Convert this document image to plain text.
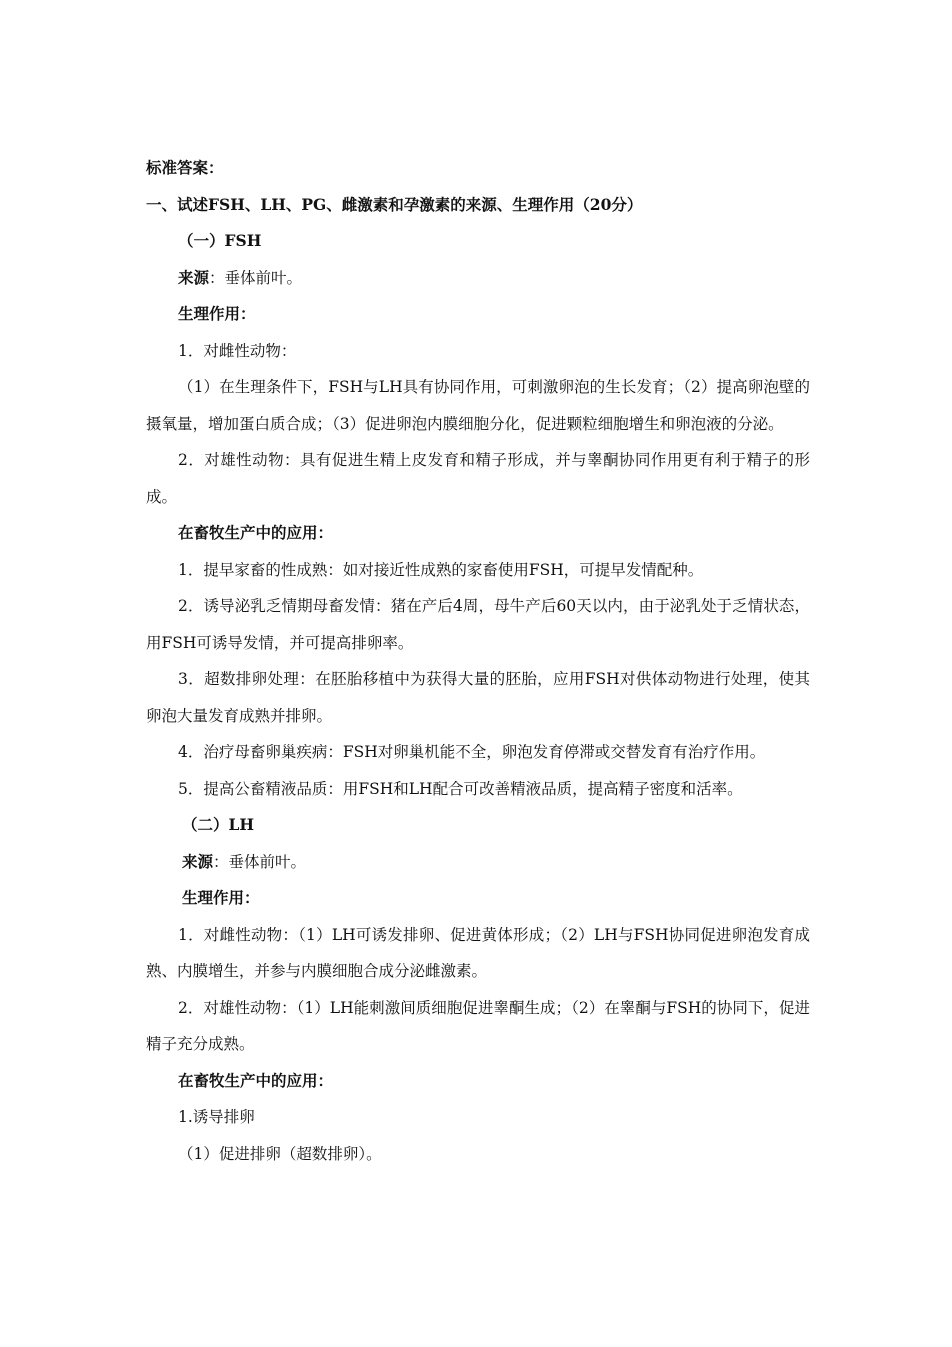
标准答案：

一、试述FSH、LH、PG、雌激素和孕激素的来源、生理作用（20分）

（一）FSH

来源：垂体前叶。

生理作用：

1．对雌性动物：

（1）在生理条件下，FSH与LH具有协同作用，可刺激卵泡的生长发育；（2）提高卵泡壁的摄氧量，增加蛋白质合成；（3）促进卵泡内膜细胞分化，促进颗粒细胞增生和卵泡液的分泌。

2．对雄性动物：具有促进生精上皮发育和精子形成，并与睾酮协同作用更有利于精子的形成。

在畜牧生产中的应用：

1．提早家畜的性成熟：如对接近性成熟的家畜使用FSH，可提早发情配种。

2．诱导泌乳乏情期母畜发情：猪在产后4周，母牛产后60天以内，由于泌乳处于乏情状态，用FSH可诱导发情，并可提高排卵率。

3．超数排卵处理：在胚胎移植中为获得大量的胚胎，应用FSH对供体动物进行处理，使其卵泡大量发育成熟并排卵。

4．治疗母畜卵巢疾病：FSH对卵巢机能不全，卵泡发育停滞或交替发育有治疗作用。

5．提高公畜精液品质：用FSH和LH配合可改善精液品质，提高精子密度和活率。

（二）LH

来源：垂体前叶。

生理作用：

1．对雌性动物：（1）LH可诱发排卵、促进黄体形成；（2）LH与FSH协同促进卵泡发育成熟、内膜增生，并参与内膜细胞合成分泌雌激素。

2．对雄性动物：（1）LH能刺激间质细胞促进睾酮生成；（2）在睾酮与FSH的协同下，促进精子充分成熟。

在畜牧生产中的应用：

1.诱导排卵

（1）促进排卵（超数排卵）。
